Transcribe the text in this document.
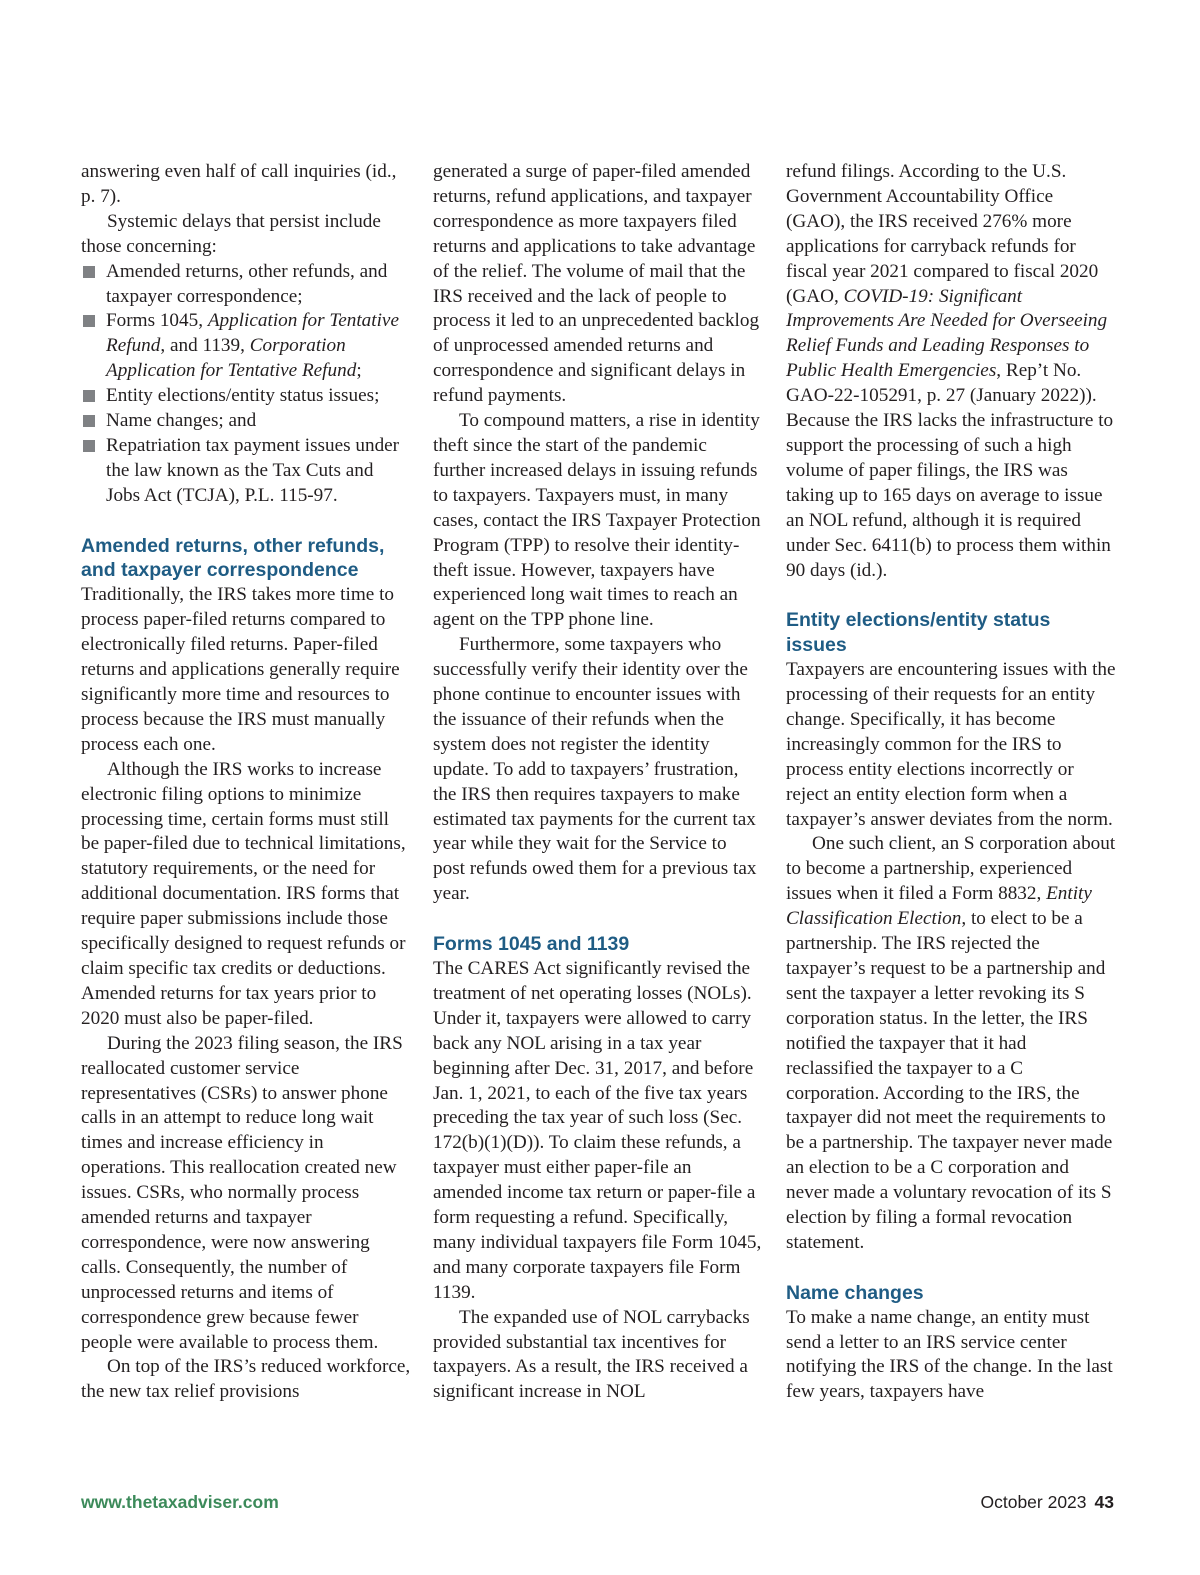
answering even half of call inquiries (id., p. 7).

Systemic delays that persist include those concerning:

Amended returns, other refunds, and taxpayer correspondence;
Forms 1045, Application for Tentative Refund, and 1139, Corporation Application for Tentative Refund;
Entity elections/entity status issues;
Name changes; and
Repatriation tax payment issues under the law known as the Tax Cuts and Jobs Act (TCJA), P.L. 115-97.
Amended returns, other refunds, and taxpayer correspondence

Traditionally, the IRS takes more time to process paper-filed returns compared to electronically filed returns. Paper-filed returns and applications generally require significantly more time and resources to process because the IRS must manually process each one.

Although the IRS works to increase electronic filing options to minimize processing time, certain forms must still be paper-filed due to technical limitations, statutory requirements, or the need for additional documentation. IRS forms that require paper submissions include those specifically designed to request refunds or claim specific tax credits or deductions. Amended returns for tax years prior to 2020 must also be paper-filed.

During the 2023 filing season, the IRS reallocated customer service representatives (CSRs) to answer phone calls in an attempt to reduce long wait times and increase efficiency in operations. This reallocation created new issues. CSRs, who normally process amended returns and taxpayer correspondence, were now answering calls. Consequently, the number of unprocessed returns and items of correspondence grew because fewer people were available to process them.

On top of the IRS’s reduced workforce, the new tax relief provisions

generated a surge of paper-filed amended returns, refund applications, and taxpayer correspondence as more taxpayers filed returns and applications to take advantage of the relief. The volume of mail that the IRS received and the lack of people to process it led to an unprecedented backlog of unprocessed amended returns and correspondence and significant delays in refund payments.

To compound matters, a rise in identity theft since the start of the pandemic further increased delays in issuing refunds to taxpayers. Taxpayers must, in many cases, contact the IRS Taxpayer Protection Program (TPP) to resolve their identity-theft issue. However, taxpayers have experienced long wait times to reach an agent on the TPP phone line.

Furthermore, some taxpayers who successfully verify their identity over the phone continue to encounter issues with the issuance of their refunds when the system does not register the identity update. To add to taxpayers’ frustration, the IRS then requires taxpayers to make estimated tax payments for the current tax year while they wait for the Service to post refunds owed them for a previous tax year.

Forms 1045 and 1139

The CARES Act significantly revised the treatment of net operating losses (NOLs). Under it, taxpayers were allowed to carry back any NOL arising in a tax year beginning after Dec. 31, 2017, and before Jan. 1, 2021, to each of the five tax years preceding the tax year of such loss (Sec. 172(b)(1)(D)). To claim these refunds, a taxpayer must either paper-file an amended income tax return or paper-file a form requesting a refund. Specifically, many individual taxpayers file Form 1045, and many corporate taxpayers file Form 1139.

The expanded use of NOL carrybacks provided substantial tax incentives for taxpayers. As a result, the IRS received a significant increase in NOL

refund filings. According to the U.S. Government Accountability Office (GAO), the IRS received 276% more applications for carryback refunds for fiscal year 2021 compared to fiscal 2020 (GAO, COVID-19: Significant Improvements Are Needed for Overseeing Relief Funds and Leading Responses to Public Health Emergencies, Rep’t No. GAO-22-105291, p. 27 (January 2022)). Because the IRS lacks the infrastructure to support the processing of such a high volume of paper filings, the IRS was taking up to 165 days on average to issue an NOL refund, although it is required under Sec. 6411(b) to process them within 90 days (id.).

Entity elections/entity status issues

Taxpayers are encountering issues with the processing of their requests for an entity change. Specifically, it has become increasingly common for the IRS to process entity elections incorrectly or reject an entity election form when a taxpayer’s answer deviates from the norm.

One such client, an S corporation about to become a partnership, experienced issues when it filed a Form 8832, Entity Classification Election, to elect to be a partnership. The IRS rejected the taxpayer’s request to be a partnership and sent the taxpayer a letter revoking its S corporation status. In the letter, the IRS notified the taxpayer that it had reclassified the taxpayer to a C corporation. According to the IRS, the taxpayer did not meet the requirements to be a partnership. The taxpayer never made an election to be a C corporation and never made a voluntary revocation of its S election by filing a formal revocation statement.

Name changes

To make a name change, an entity must send a letter to an IRS service center notifying the IRS of the change. In the last few years, taxpayers have

www.thetaxadviser.com	October 2023 43
